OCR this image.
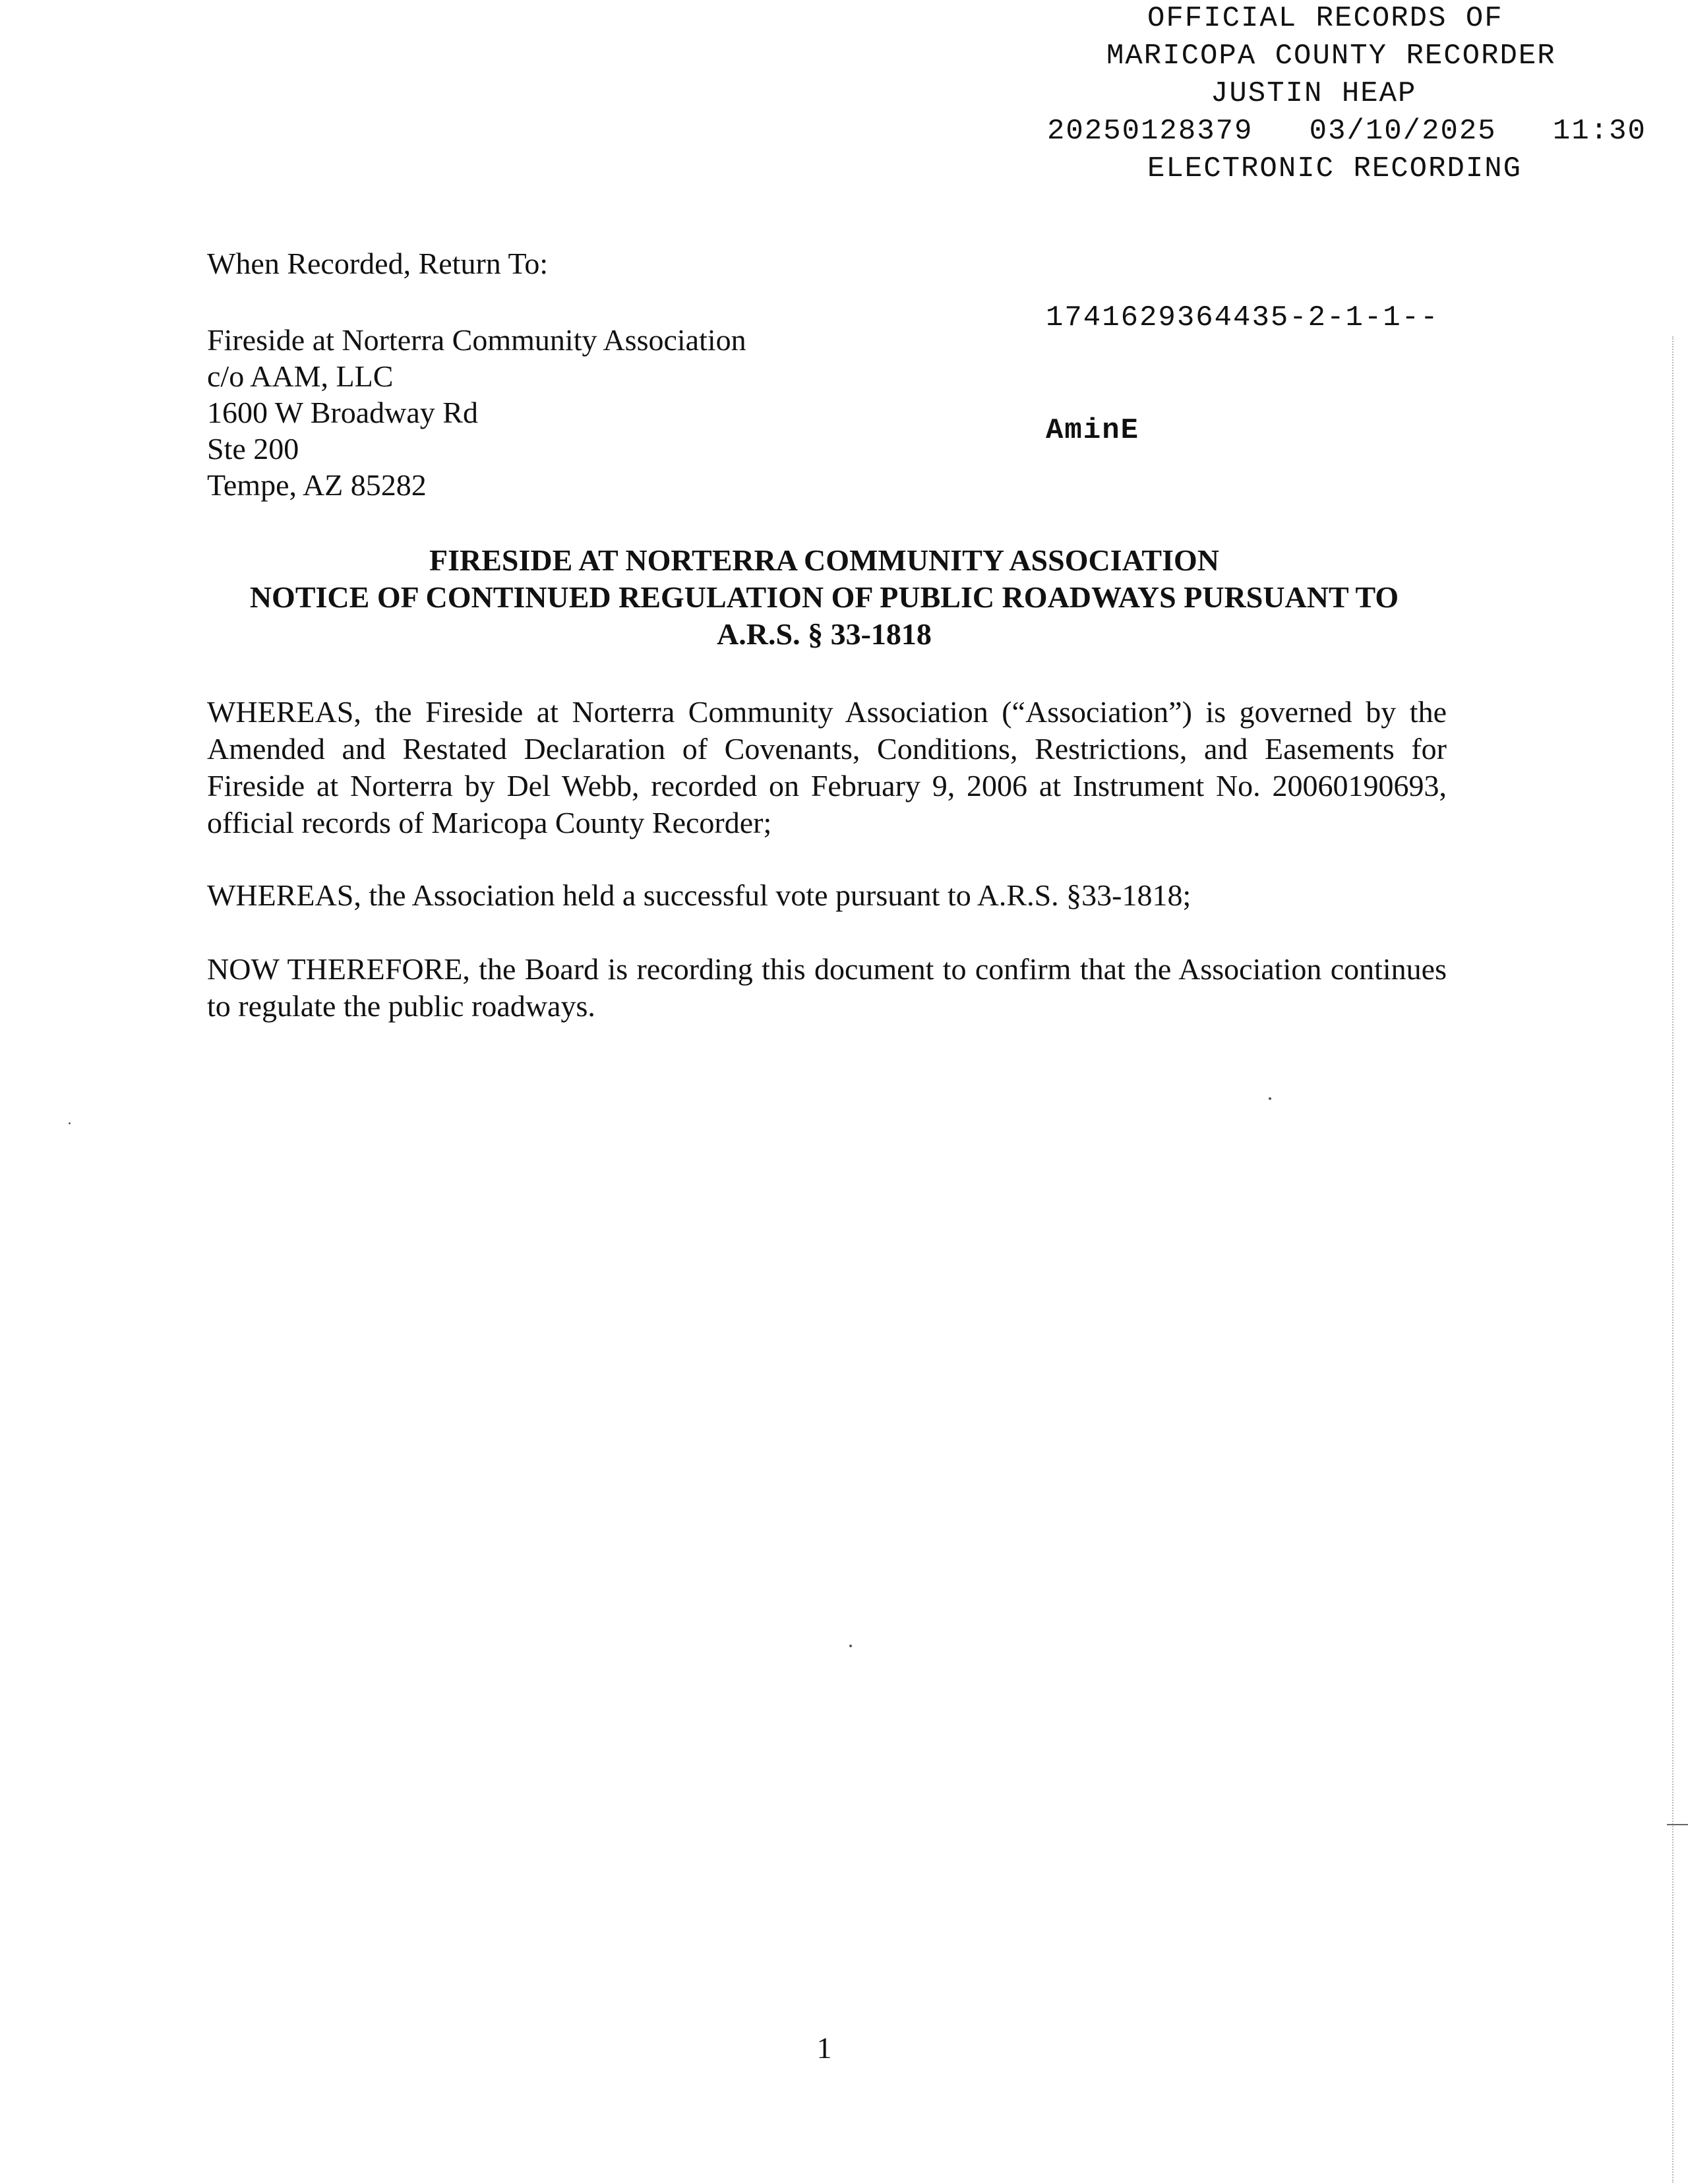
OFFICIAL RECORDS OF
MARICOPA COUNTY RECORDER
JUSTIN HEAP
20250128379   03/10/2025   11:30
ELECTRONIC RECORDING

1741629364435-2-1-1--

AminE

When Recorded, Return To:
Fireside at Norterra Community Association
c/o AAM, LLC
1600 W Broadway Rd
Ste 200
Tempe, AZ 85282
FIRESIDE AT NORTERRA COMMUNITY ASSOCIATION
NOTICE OF CONTINUED REGULATION OF PUBLIC ROADWAYS PURSUANT TO
A.R.S. § 33-1818
WHEREAS, the Fireside at Norterra Community Association (“Association”) is governed by the Amended and Restated Declaration of Covenants, Conditions, Restrictions, and Easements for Fireside at Norterra by Del Webb, recorded on February 9, 2006 at Instrument No. 20060190693, official records of Maricopa County Recorder;
WHEREAS, the Association held a successful vote pursuant to A.R.S. §33-1818;
NOW THEREFORE, the Board is recording this document to confirm that the Association continues to regulate the public roadways.
1
